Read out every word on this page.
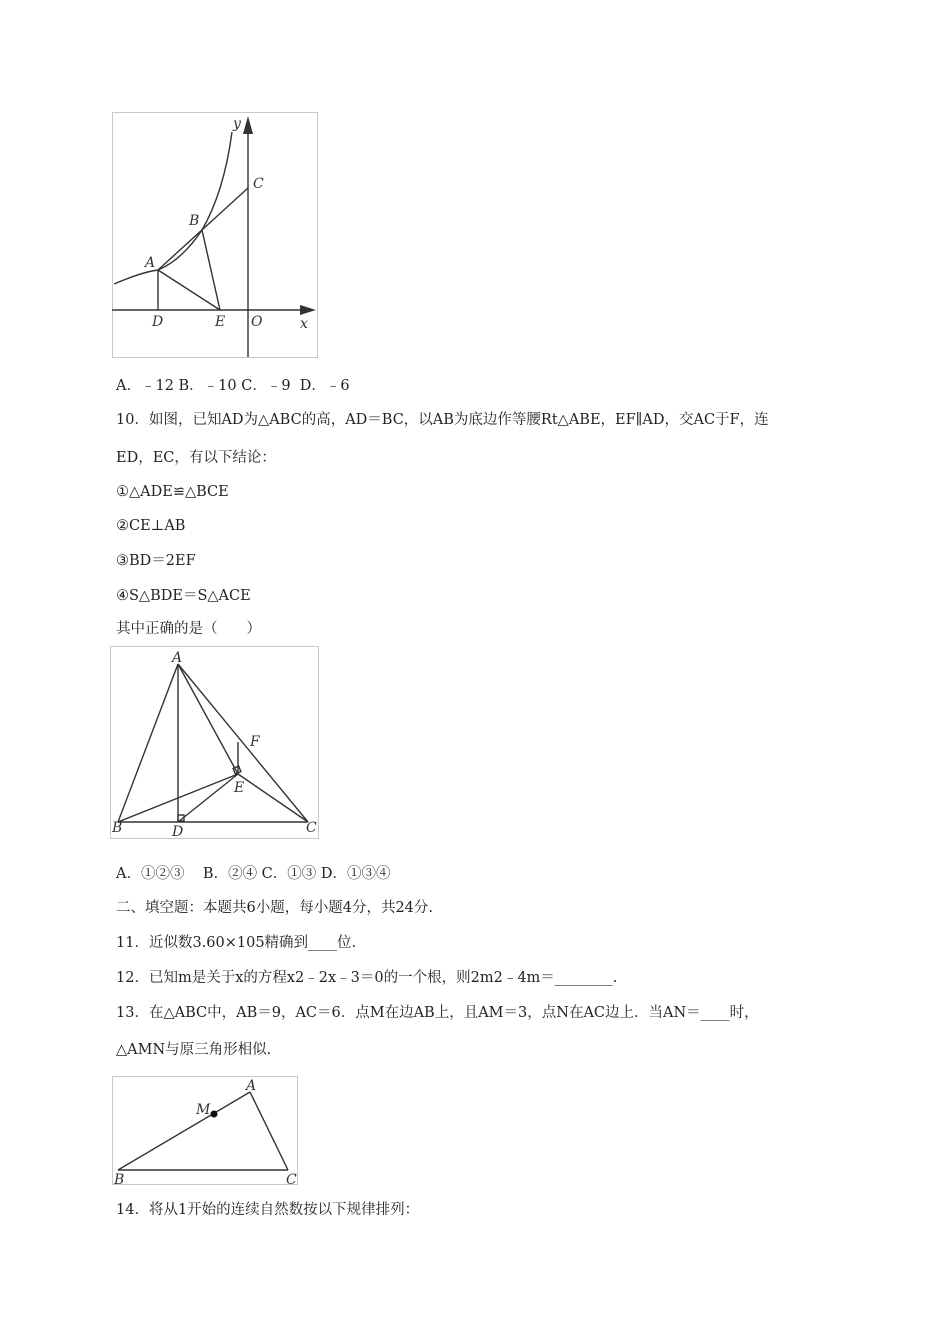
y
x
A
B
C
D	E O
A．﹣12 B．﹣10 C．﹣9  D．﹣6
10．如图，已知AD为△ABC的高，AD＝BC，以AB为底边作等腰Rt△ABE，EF∥AD，交AC于F，连
ED，EC，有以下结论：
①△ADE≌△BCE
②CE⊥AB
③BD＝2EF
④S△BDE＝S△ACE
其中正确的是（　　）
A
B	C
D
E
F
A．①②③    B．②④ C．①③ D．①③④
二、填空题：本题共6小题，每小题4分，共24分.
11．近似数3.60×105精确到____位.
12．已知m是关于x的方程x2﹣2x﹣3＝0的一个根，则2m2﹣4m＝________.
13．在△ABC中，AB＝9，AC＝6．点M在边AB上，且AM＝3，点N在AC边上．当AN＝____时，
△AMN与原三角形相似.
A
B	C
M
14．将从1开始的连续自然数按以下规律排列：
